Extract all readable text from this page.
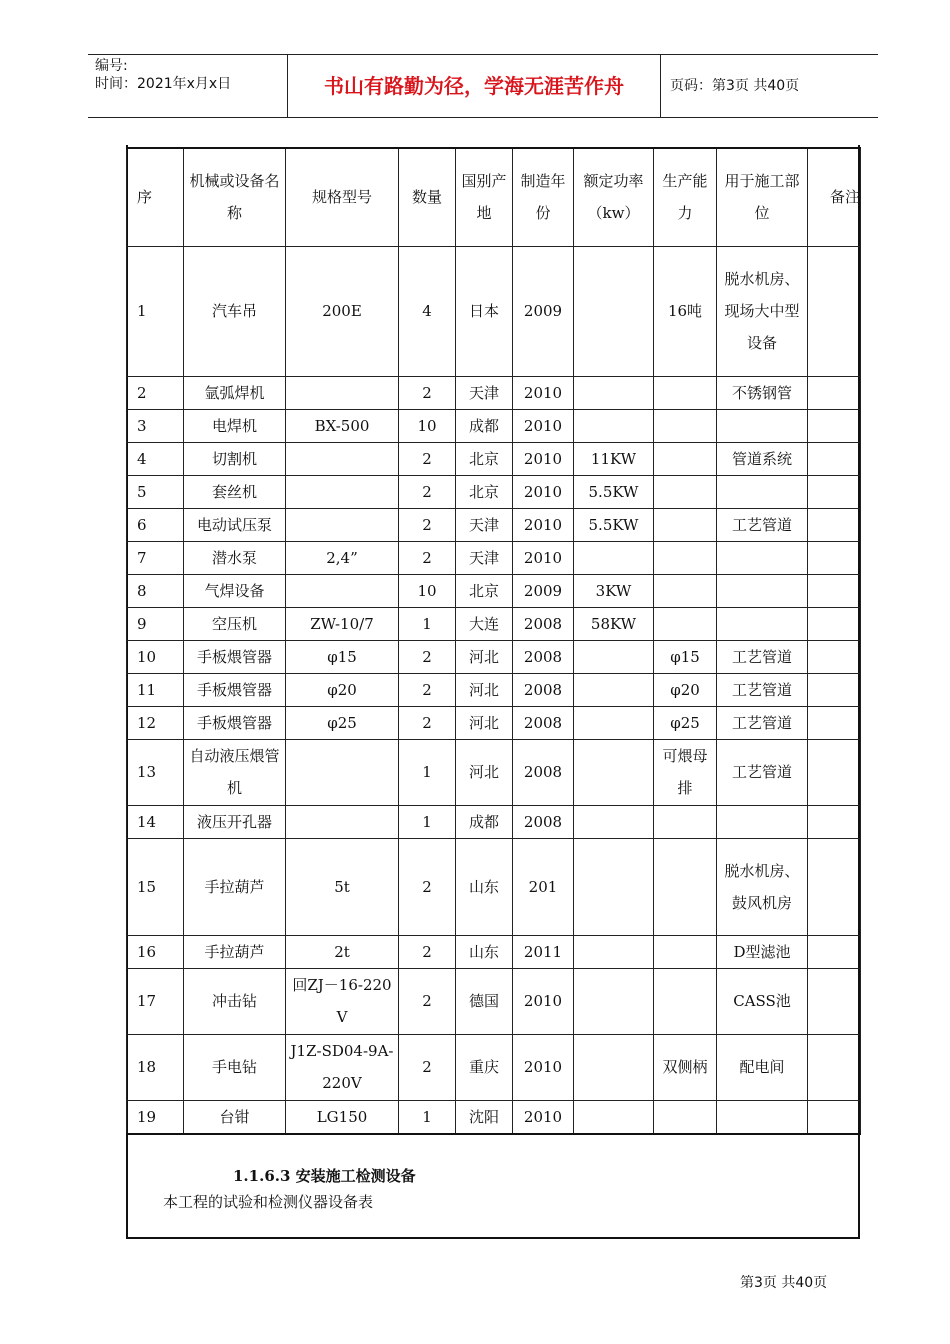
编号:
时间：2021年x月x日	书山有路勤为径，学海无涯苦作舟	页码：第3页 共40页
序	机械或设备名称	规格型号	数量	国别产地	制造年份	额定功率（kw）	生产能力	用于施工部位	备注
1	汽车吊	200E	4	日本	2009		16吨	脱水机房、现场大中型设备	
2	氩弧焊机		2	天津	2010			不锈钢管	
3	电焊机	BX-500	10	成都	2010				
4	切割机		2	北京	2010	11KW		管道系统	
5	套丝机		2	北京	2010	5.5KW			
6	电动试压泵		2	天津	2010	5.5KW		工艺管道	
7	潜水泵	2,4”	2	天津	2010				
8	气焊设备		10	北京	2009	3KW			
9	空压机	ZW-10/7	1	大连	2008	58KW			
10	手板煨管器	φ15	2	河北	2008		φ15	工艺管道	
11	手板煨管器	φ20	2	河北	2008		φ20	工艺管道	
12	手板煨管器	φ25	2	河北	2008		φ25	工艺管道	
13	自动液压煨管机		1	河北	2008		可煨母排	工艺管道	
14	液压开孔器		1	成都	2008				
15	手拉葫芦	5t	2	山东	201			脱水机房、鼓风机房	
16	手拉葫芦	2t	2	山东	2011			D型滤池	
17	冲击钻	回ZJ－16-220V	2	德国	2010			CASS池	
18	手电钻	J1Z-SD04-9A-220V	2	重庆	2010		双侧柄	配电间	
19	台钳	LG150	1	沈阳	2010				
1.1.6.3 安装施工检测设备
本工程的试验和检测仪器设备表
第3页 共40页
